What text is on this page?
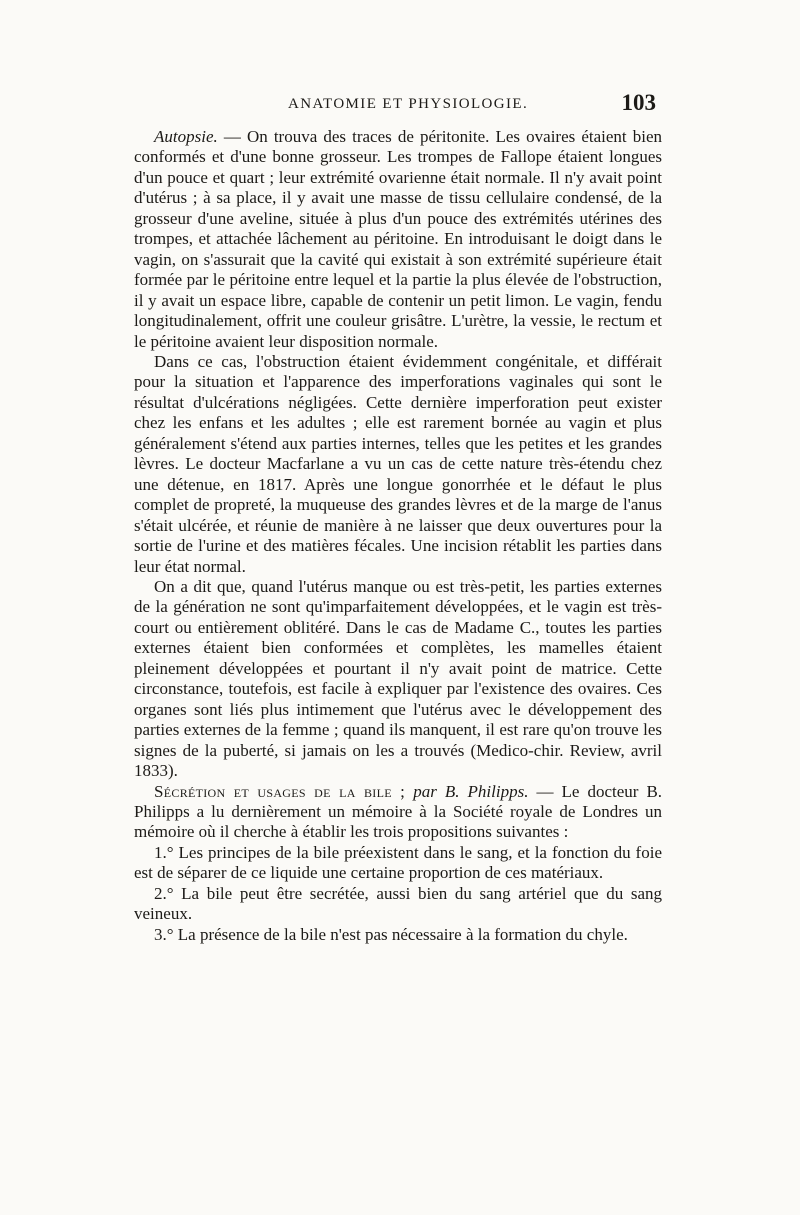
ANATOMIE ET PHYSIOLOGIE.	103

Autopsie. — On trouva des traces de péritonite. Les ovaires étaient bien conformés et d'une bonne grosseur. Les trompes de Fallope étaient longues d'un pouce et quart ; leur extrémité ovarienne était normale. Il n'y avait point d'utérus ; à sa place, il y avait une masse de tissu cellulaire condensé, de la grosseur d'une aveline, située à plus d'un pouce des extrémités utérines des trompes, et attachée lâchement au péritoine. En introduisant le doigt dans le vagin, on s'assurait que la cavité qui existait à son extrémité supérieure était formée par le péritoine entre lequel et la partie la plus élevée de l'obstruction, il y avait un espace libre, capable de contenir un petit limon. Le vagin, fendu longitudinalement, offrit une couleur grisâtre. L'urètre, la vessie, le rectum et le péritoine avaient leur disposition normale.

Dans ce cas, l'obstruction étaient évidemment congénitale, et différait pour la situation et l'apparence des imperforations vaginales qui sont le résultat d'ulcérations négligées. Cette dernière imperforation peut exister chez les enfans et les adultes ; elle est rarement bornée au vagin et plus généralement s'étend aux parties internes, telles que les petites et les grandes lèvres. Le docteur Macfarlane a vu un cas de cette nature très-étendu chez une détenue, en 1817. Après une longue gonorrhée et le défaut le plus complet de propreté, la muqueuse des grandes lèvres et de la marge de l'anus s'était ulcérée, et réunie de manière à ne laisser que deux ouvertures pour la sortie de l'urine et des matières fécales. Une incision rétablit les parties dans leur état normal.

On a dit que, quand l'utérus manque ou est très-petit, les parties externes de la génération ne sont qu'imparfaitement développées, et le vagin est très-court ou entièrement oblitéré. Dans le cas de Madame C., toutes les parties externes étaient bien conformées et complètes, les mamelles étaient pleinement développées et pourtant il n'y avait point de matrice. Cette circonstance, toutefois, est facile à expliquer par l'existence des ovaires. Ces organes sont liés plus intimement que l'utérus avec le développement des parties externes de la femme ; quand ils manquent, il est rare qu'on trouve les signes de la puberté, si jamais on les a trouvés (Medico-chir. Review, avril 1833).

Sécrétion et usages de la bile ; par B. Philipps. — Le docteur B. Philipps a lu dernièrement un mémoire à la Société royale de Londres un mémoire où il cherche à établir les trois propositions suivantes :

1.° Les principes de la bile préexistent dans le sang, et la fonction du foie est de séparer de ce liquide une certaine proportion de ces matériaux.

2.° La bile peut être secrétée, aussi bien du sang artériel que du sang veineux.

3.° La présence de la bile n'est pas nécessaire à la formation du chyle.
